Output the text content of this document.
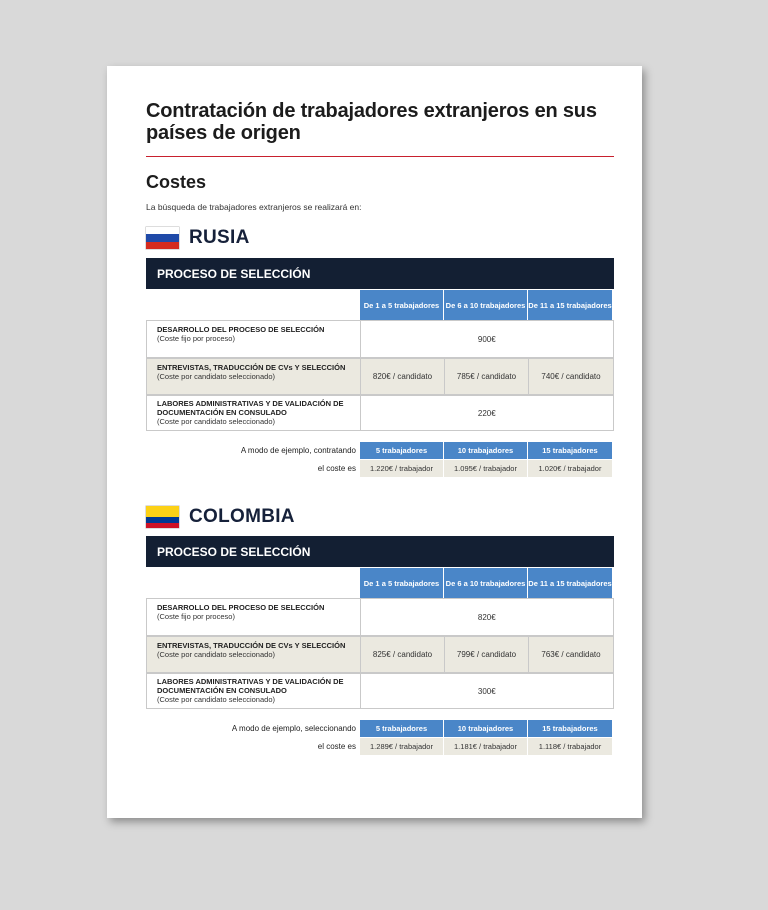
Contratación de trabajadores extranjeros en sus países de origen
Costes
La búsqueda de trabajadores extranjeros se realizará en:
RUSIA
PROCESO DE SELECCIÓN
De 1 a 5 trabajadores De 6 a 10 trabajadores De 11 a 15 trabajadores
DESARROLLO DEL PROCESO DE SELECCIÓN
(Coste fijo por proceso)	900€
ENTREVISTAS, TRADUCCIÓN DE CVs Y SELECCIÓN
(Coste por candidato seleccionado)	820€ / candidato	785€ / candidato	740€ / candidato
LABORES ADMINISTRATIVAS Y DE VALIDACIÓN DE DOCUMENTACIÓN EN CONSULADO
(Coste por candidato seleccionado)
220€
A modo de ejemplo, contratando	5 trabajadores	10 trabajadores	15 trabajadores
el coste es	1.220€ / trabajador	1.095€ / trabajador	1.020€ / trabajador
COLOMBIA
PROCESO DE SELECCIÓN
De 1 a 5 trabajadores De 6 a 10 trabajadores De 11 a 15 trabajadores
DESARROLLO DEL PROCESO DE SELECCIÓN
(Coste fijo por proceso)	820€
ENTREVISTAS, TRADUCCIÓN DE CVs Y SELECCIÓN
(Coste por candidato seleccionado)	825€ / candidato	799€ / candidato	763€ / candidato
LABORES ADMINISTRATIVAS Y DE VALIDACIÓN DE DOCUMENTACIÓN EN CONSULADO
(Coste por candidato seleccionado)
300€
A modo de ejemplo, seleccionando	5 trabajadores	10 trabajadores	15 trabajadores
el coste es	1.289€ / trabajador	1.181€ / trabajador	1.118€ / trabajador
